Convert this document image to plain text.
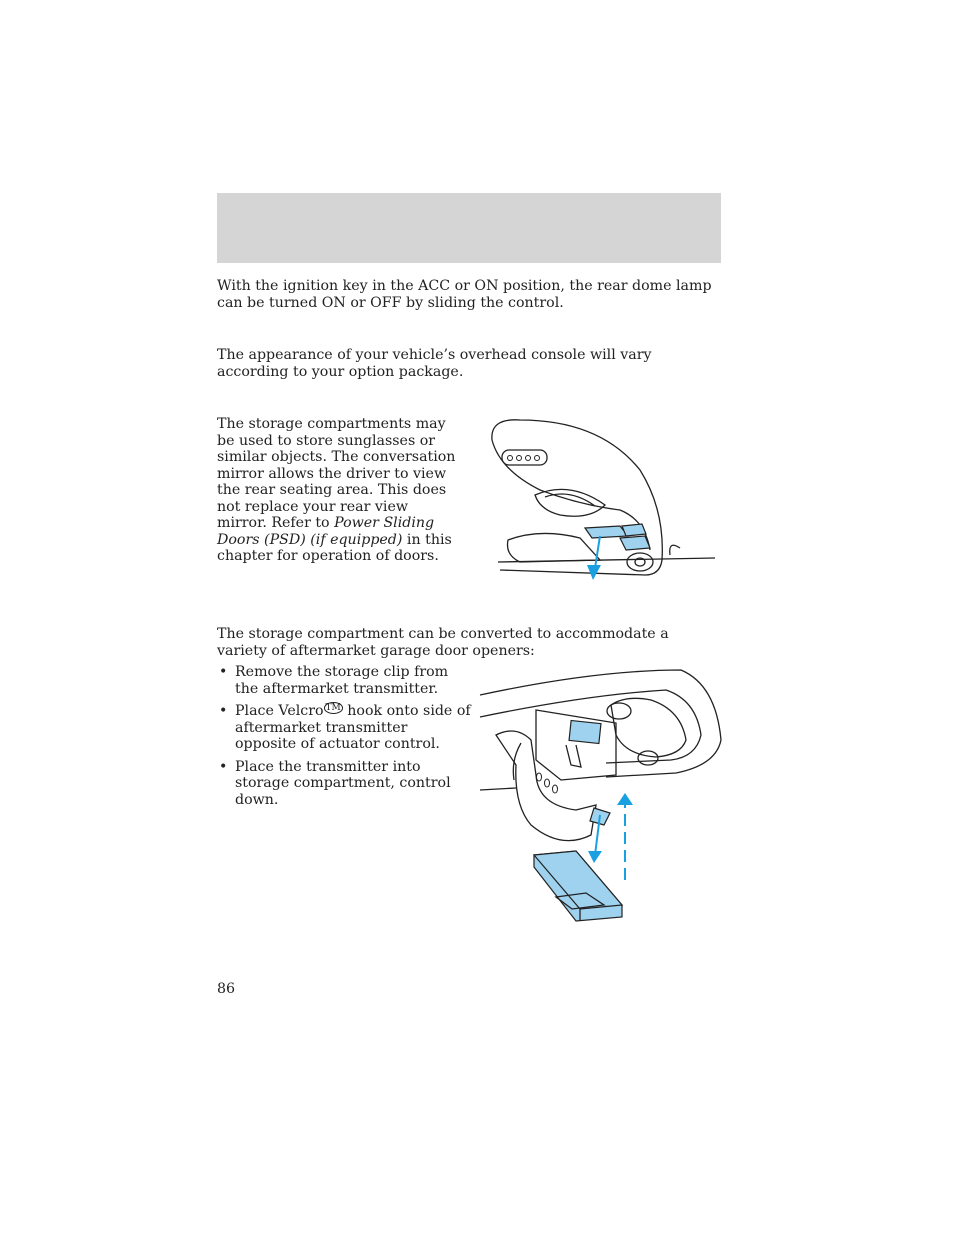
With the ignition key in the ACC or ON position, the rear dome lamp can be turned ON or OFF by sliding the control.

The appearance of your vehicle’s overhead console will vary according to your option package.

The storage compartments may be used to store sunglasses or similar objects. The conversation mirror allows the driver to view the rear seating area. This does not replace your rear view mirror. Refer to Power Sliding Doors (PSD) (if equipped) in this chapter for operation of doors.

The storage compartment can be converted to accommodate a variety of aftermarket garage door openers:

• Remove the storage clip from the aftermarket transmitter.
• Place Velcro ™ hook onto side of aftermarket transmitter opposite of actuator control.
• Place the transmitter into storage compartment, control down.
86
